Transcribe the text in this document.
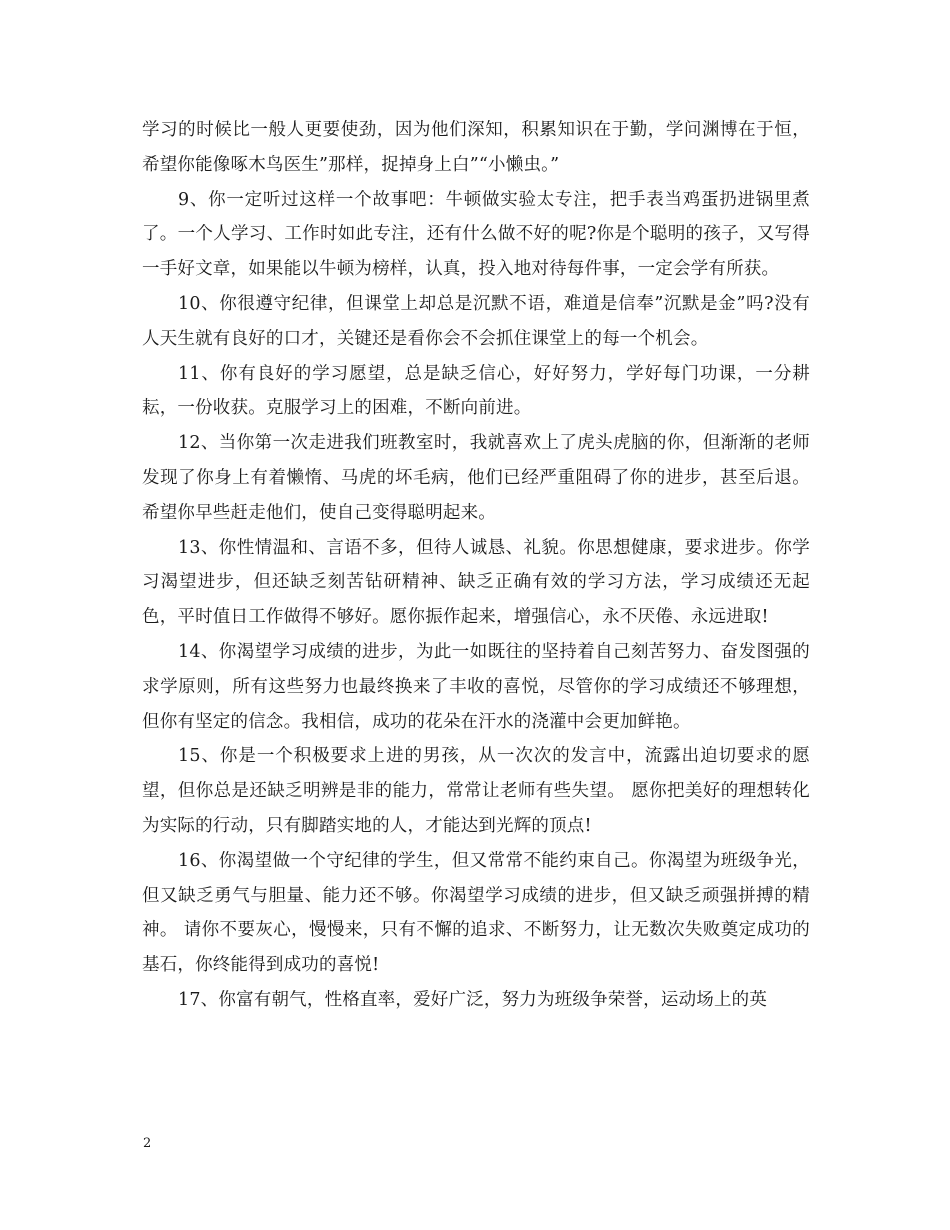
学习的时候比一般人更要使劲，因为他们深知，积累知识在于勤，学问渊博在于恒，希望你能像啄木鸟医生”那样，捉掉身上白”“小懒虫。”

9、你一定听过这样一个故事吧：牛顿做实验太专注，把手表当鸡蛋扔进锅里煮了。一个人学习、工作时如此专注，还有什么做不好的呢?你是个聪明的孩子，又写得一手好文章，如果能以牛顿为榜样，认真，投入地对待每件事，一定会学有所获。

10、你很遵守纪律，但课堂上却总是沉默不语，难道是信奉”沉默是金”吗?没有人天生就有良好的口才，关键还是看你会不会抓住课堂上的每一个机会。

11、你有良好的学习愿望，总是缺乏信心，好好努力，学好每门功课，一分耕耘，一份收获。克服学习上的困难，不断向前进。

12、当你第一次走进我们班教室时，我就喜欢上了虎头虎脑的你，但渐渐的老师发现了你身上有着懒惰、马虎的坏毛病，他们已经严重阻碍了你的进步，甚至后退。希望你早些赶走他们，使自己变得聪明起来。

13、你性情温和、言语不多，但待人诚恳、礼貌。你思想健康，要求进步。你学习渴望进步，但还缺乏刻苦钻研精神、缺乏正确有效的学习方法，学习成绩还无起色，平时值日工作做得不够好。愿你振作起来，增强信心，永不厌倦、永远进取!

14、你渴望学习成绩的进步，为此一如既往的坚持着自己刻苦努力、奋发图强的求学原则，所有这些努力也最终换来了丰收的喜悦，尽管你的学习成绩还不够理想，但你有坚定的信念。我相信，成功的花朵在汗水的浇灌中会更加鲜艳。

15、你是一个积极要求上进的男孩，从一次次的发言中，流露出迫切要求的愿望，但你总是还缺乏明辨是非的能力，常常让老师有些失望。 愿你把美好的理想转化为实际的行动，只有脚踏实地的人，才能达到光辉的顶点!

16、你渴望做一个守纪律的学生，但又常常不能约束自己。你渴望为班级争光，但又缺乏勇气与胆量、能力还不够。你渴望学习成绩的进步，但又缺乏顽强拼搏的精神。 请你不要灰心，慢慢来，只有不懈的追求、不断努力，让无数次失败奠定成功的基石，你终能得到成功的喜悦!

17、你富有朝气，性格直率，爱好广泛，努力为班级争荣誉，运动场上的英

2
